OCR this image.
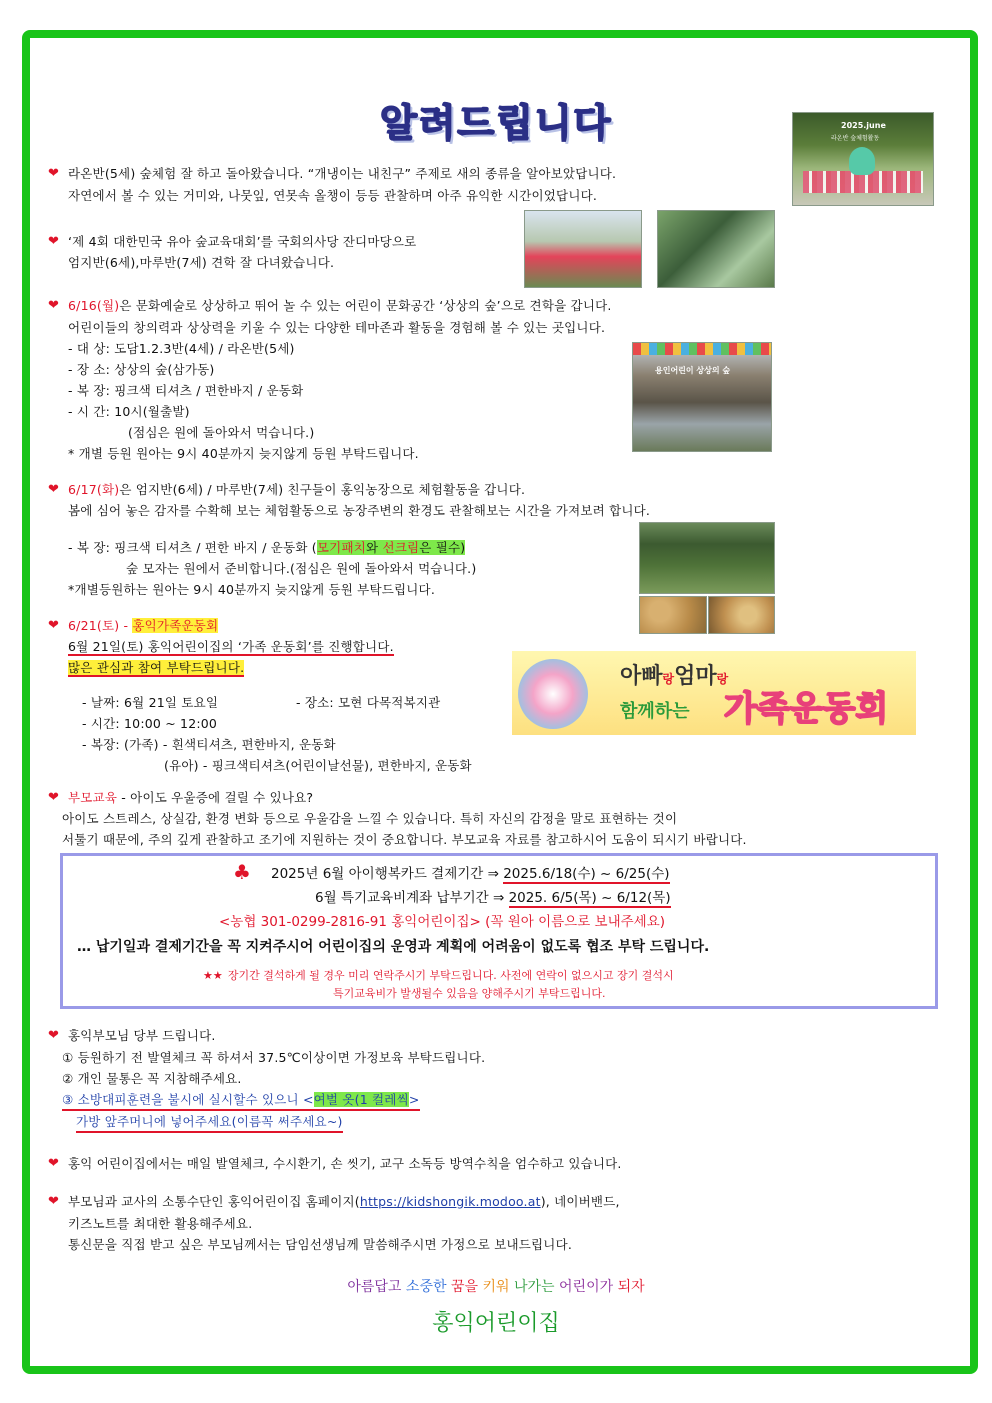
알려드립니다
❤ 라온반(5세) 숲체험 잘 하고 돌아왔습니다. “개냉이는 내친구” 주제로 새의 종류을 알아보았답니다.
자연에서 볼 수 있는 거미와, 나뭇잎, 연못속 올챙이 등등 관찰하며 아주 유익한 시간이었답니다.
2025.june
라온반 숲체험활동
❤ ‘제 4회 대한민국 유아 숲교육대회’를 국회의사당 잔디마당으로
엄지반(6세),마루반(7세) 견학 잘 다녀왔습니다.
❤ 6/16(월)은 문화예술로 상상하고 뛰어 놀 수 있는 어린이 문화공간 ‘상상의 숲’으로 견학을 갑니다.
어린이들의 창의력과 상상력을 키울 수 있는 다양한 테마존과 활동을 경험해 볼 수 있는 곳입니다.
- 대 상: 도담1.2.3반(4세) / 라온반(5세)
- 장 소: 상상의 숲(삼가동)
- 복 장: 핑크색 티셔츠 / 편한바지 / 운동화
- 시 간: 10시(월출발)
(점심은 원에 돌아와서 먹습니다.)
* 개별 등원 원아는 9시 40분까지 늦지않게 등원 부탁드립니다.
용인어린이 상상의 숲
❤ 6/17(화)은 엄지반(6세) / 마루반(7세) 친구들이 홍익농장으로 체험활동을 갑니다.
봄에 심어 놓은 감자를 수확해 보는 체험활동으로 농장주변의 환경도 관찰해보는 시간을 가져보려 합니다.
- 복 장: 핑크색 티셔츠 / 편한 바지 / 운동화 (모기패치와 선크림은 필수)
숲 모자는 원에서 준비합니다.(점심은 원에 돌아와서 먹습니다.)
*개별등원하는 원아는 9시 40분까지 늦지않게 등원 부탁드립니다.
❤ 6/21(토) - 홍익가족운동회
6월 21일(토) 홍익어린이집의 ‘가족 운동회’를 진행합니다.
많은 관심과 참여 부탁드립니다.
- 날짜: 6월 21일 토요일	- 장소: 모현 다목적복지관
- 시간: 10:00 ~ 12:00
- 복장: (가족) - 흰색티셔츠, 편한바지, 운동화
(유아) - 핑크색티셔츠(어린이날선물), 편한바지, 운동화
아빠랑엄마랑
함께하는 가족운동회
❤ 부모교육 - 아이도 우울증에 걸릴 수 있나요?
아이도 스트레스, 상실감, 환경 변화 등으로 우울감을 느낄 수 있습니다. 특히 자신의 감정을 말로 표현하는 것이
서툴기 때문에, 주의 깊게 관찰하고 조기에 지원하는 것이 중요합니다. 부모교육 자료를 참고하시어 도움이 되시기 바랍니다.
♣ 2025년 6월 아이행복카드 결제기간 ⇒ 2025.6/18(수) ~ 6/25(수)
6월 특기교육비계좌 납부기간 ⇒ 2025. 6/5(목) ~ 6/12(목)
<농협 301-0299-2816-91 홍익어린이집> (꼭 원아 이름으로 보내주세요)
… 납기일과 결제기간을 꼭 지켜주시어 어린이집의 운영과 계획에 어려움이 없도록 협조 부탁 드립니다.
★★ 장기간 결석하게 될 경우 미리 연락주시기 부탁드립니다. 사전에 연락이 없으시고 장기 결석시
특기교육비가 발생될수 있음을 양해주시기 부탁드립니다.
❤ 홍익부모님 당부 드립니다.
① 등원하기 전 발열체크 꼭 하셔서 37.5℃이상이면 가정보육 부탁드립니다.
② 개인 물통은 꼭 지참해주세요.
③ 소방대피훈련을 불시에 실시할수 있으니 <여벌 옷(1 컬레씩>
가방 앞주머니에 넣어주세요(이름꼭 써주세요~)
❤ 홍익 어린이집에서는 매일 발열체크, 수시환기, 손 씻기, 교구 소독등 방역수칙을 엄수하고 있습니다.
❤ 부모님과 교사의 소통수단인 홍익어린이집 홈페이지(https://kidshongik.modoo.at), 네이버밴드,
키즈노트를 최대한 활용해주세요.
통신문을 직접 받고 싶은 부모님께서는 담임선생님께 말씀해주시면 가정으로 보내드립니다.
아름답고 소중한 꿈을 키워 나가는 어린이가 되자
홍익어린이집
